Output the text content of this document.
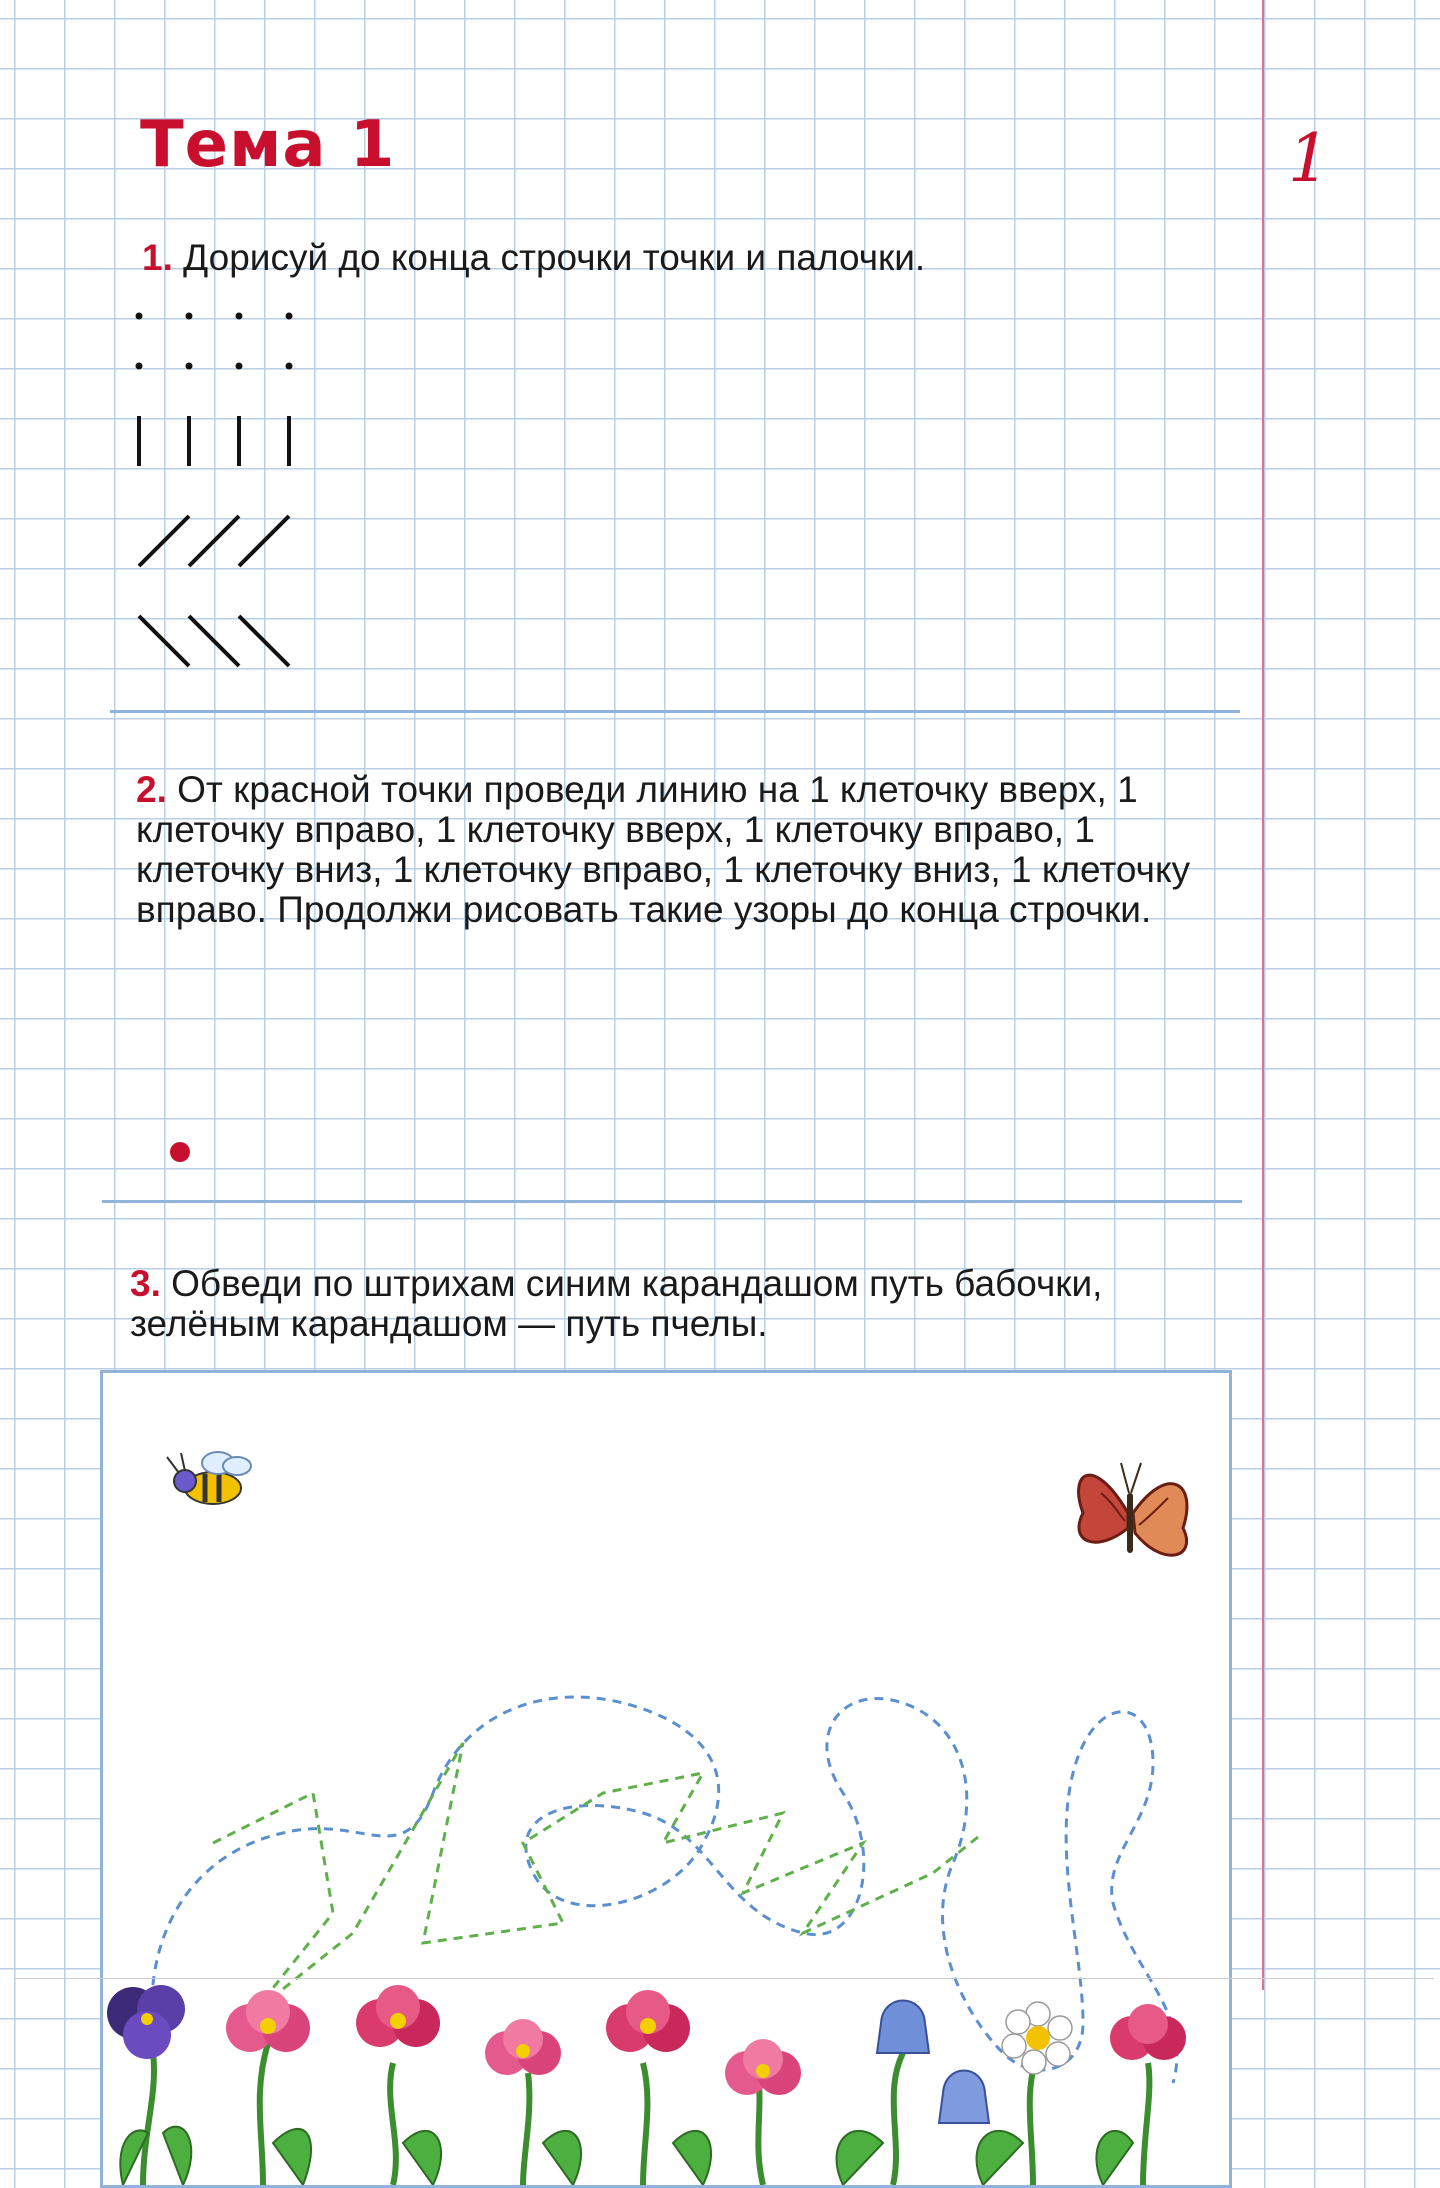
Тема 1	1
1. Дорисуй до конца строчки точки и палочки.
2. От красной точки проведи линию на 1 клеточку вверх, 1 клеточку вправо, 1 клеточку вверх, 1 клеточку вправо, 1 клеточку вниз, 1 клеточку вправо, 1 клеточку вниз, 1 клеточку вправо. Продолжи рисовать такие узоры до конца строчки.
3. Обведи по штрихам синим карандашом путь бабочки, зелёным карандашом — путь пчелы.
